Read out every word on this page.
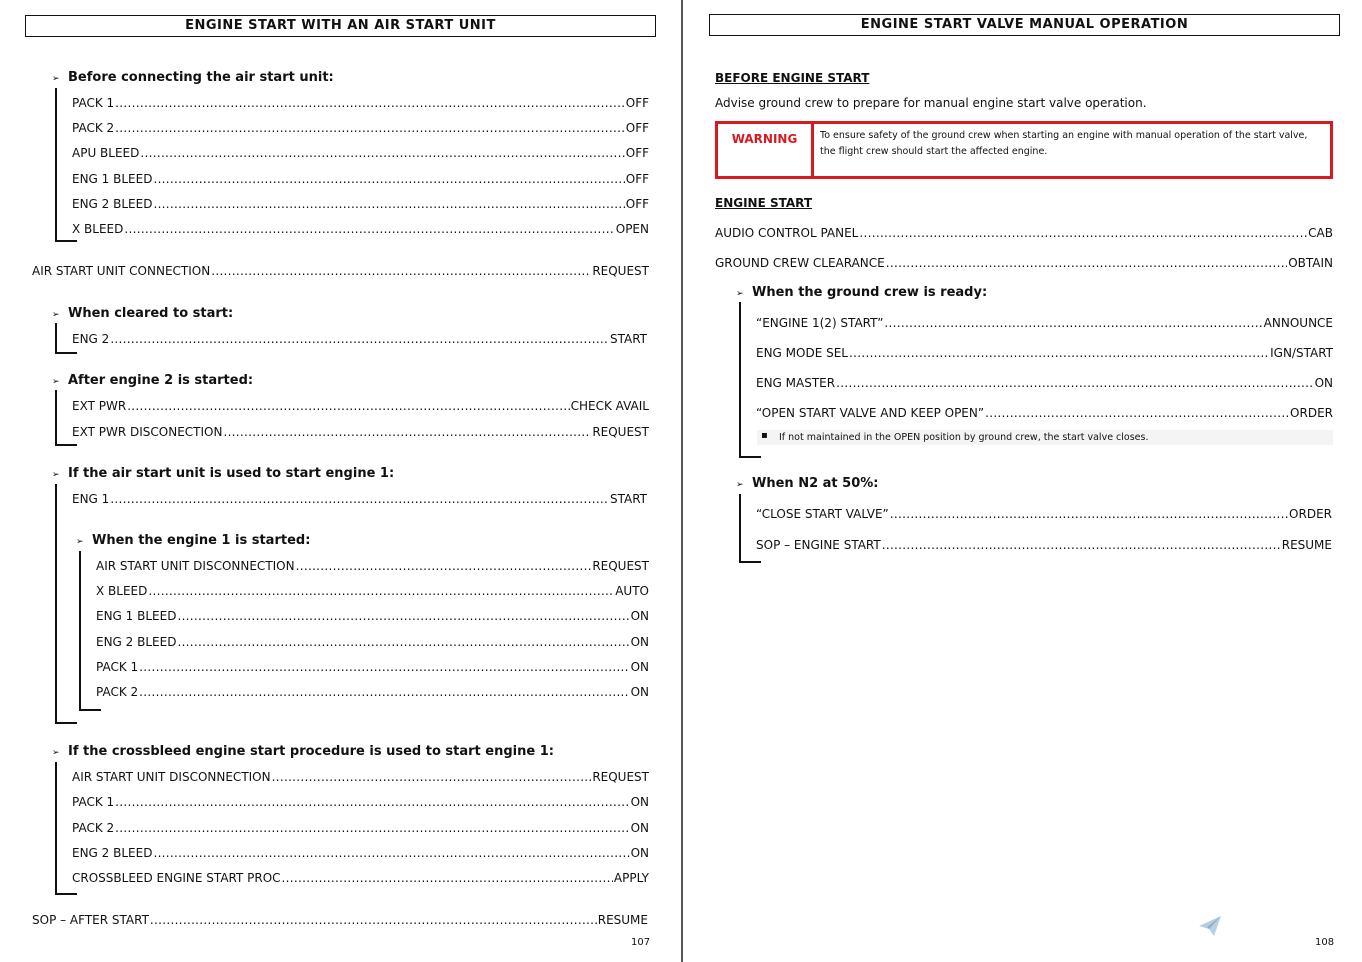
ENGINE START WITH AN AIR START UNIT
➢ Before connecting the air start unit:
PACK 1 .....	OFF
PACK 2 .....	OFF
APU BLEED .....	OFF
ENG 1 BLEED .....	OFF
ENG 2 BLEED .....	OFF
X BLEED .....	OPEN
AIR START UNIT CONNECTION .....	REQUEST
➢ When cleared to start:
ENG 2 .....	START
➢ After engine 2 is started:
EXT PWR .....	CHECK AVAIL
EXT PWR DISCONECTION .....	REQUEST
➢ If the air start unit is used to start engine 1:
ENG 1 .....	START
➢ When the engine 1 is started:
AIR START UNIT DISCONNECTION .....	REQUEST
X BLEED .....	AUTO
ENG 1 BLEED .....	ON
ENG 2 BLEED .....	ON
PACK 1 .....	ON
PACK 2 .....	ON
➢ If the crossbleed engine start procedure is used to start engine 1:
AIR START UNIT DISCONNECTION .....	REQUEST
PACK 1 .....	ON
PACK 2 .....	ON
ENG 2 BLEED .....	ON
CROSSBLEED ENGINE START PROC .....	APPLY
SOP – AFTER START .....	RESUME
107
ENGINE START VALVE MANUAL OPERATION
BEFORE ENGINE START
Advise ground crew to prepare for manual engine start valve operation.
WARNING	To ensure safety of the ground crew when starting an engine with manual operation of the start valve, the flight crew should start the affected engine.
ENGINE START
AUDIO CONTROL PANEL .....	CAB
GROUND CREW CLEARANCE .....	OBTAIN
➢ When the ground crew is ready:
“ENGINE 1(2) START” .....	ANNOUNCE
ENG MODE SEL .....	IGN/START
ENG MASTER .....	ON
“OPEN START VALVE AND KEEP OPEN” .....	ORDER
▪ If not maintained in the OPEN position by ground crew, the start valve closes.
➢ When N2 at 50%:
“CLOSE START VALVE” .....	ORDER
SOP – ENGINE START .....	RESUME
108
